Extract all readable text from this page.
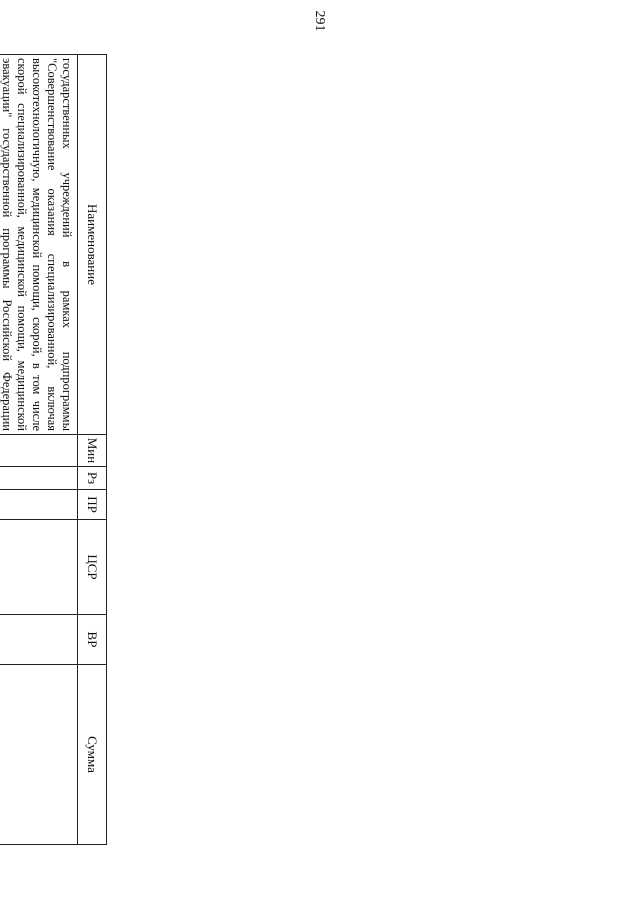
291
Наименование	Мин	Рз	ПР	ЦСР	ВР	Сумма
государственных учреждений в рамках подпрограммы "Совершенствование оказания специализированной, включая высокотехнологичную, медицинской помощи, скорой, в том числе скорой специализированной, медицинской помощи, медицинской эвакуации" государственной программы Российской Федерации						
